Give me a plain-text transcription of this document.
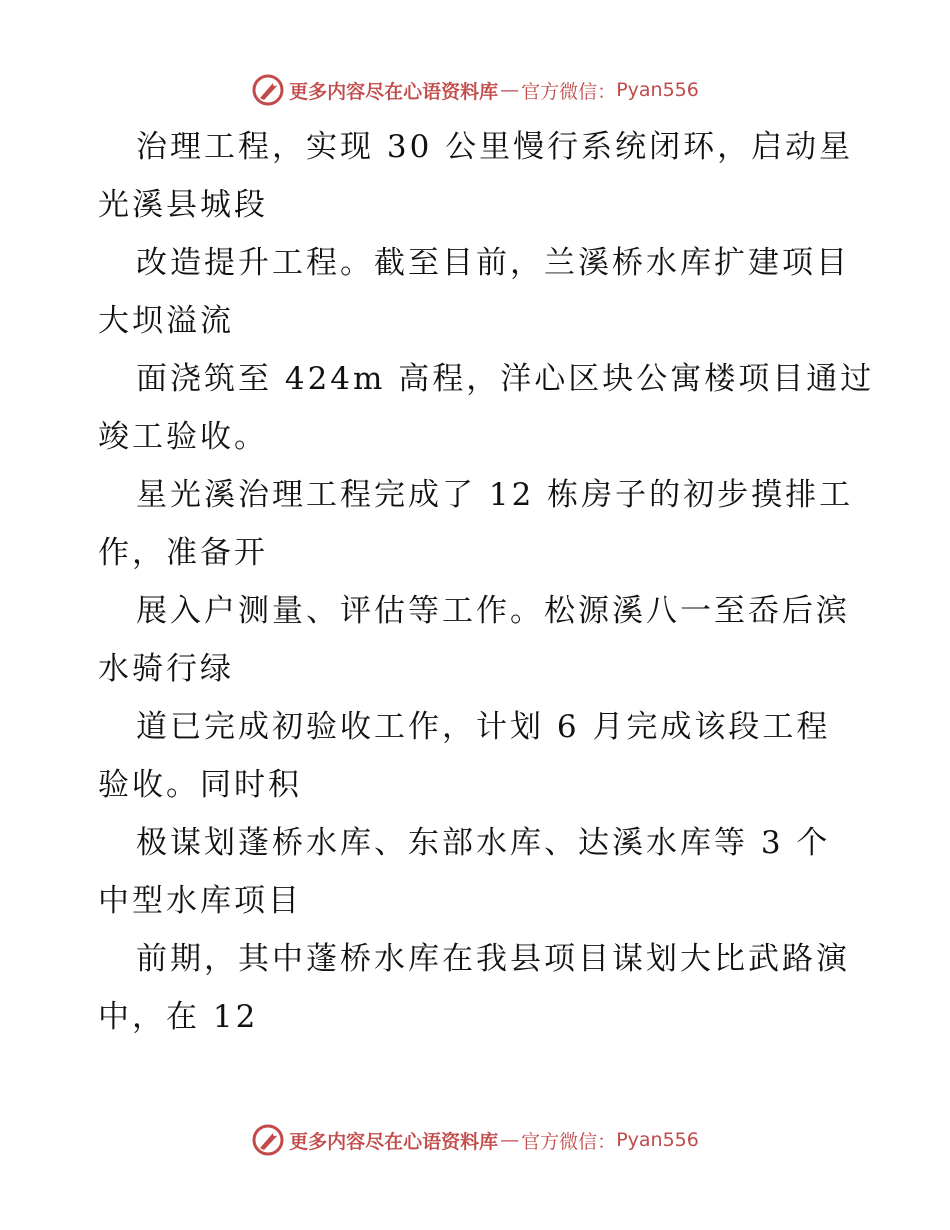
更多内容尽在心语资料库 — 官方微信： Pyan556

治理工程，实现 30 公里慢行系统闭环，启动星
光溪县城段

改造提升工程。截至目前，兰溪桥水库扩建项目
大坝溢流

面浇筑至 424m 高程，洋心区块公寓楼项目通过
竣工验收。

星光溪治理工程完成了 12 栋房子的初步摸排工
作，准备开

展入户测量、评估等工作。松源溪八一至岙后滨
水骑行绿

道已完成初验收工作，计划 6 月完成该段工程
验收。同时积

极谋划蓬桥水库、东部水库、达溪水库等 3 个
中型水库项目

前期，其中蓬桥水库在我县项目谋划大比武路演
中，在 12

更多内容尽在心语资料库 — 官方微信： Pyan556
